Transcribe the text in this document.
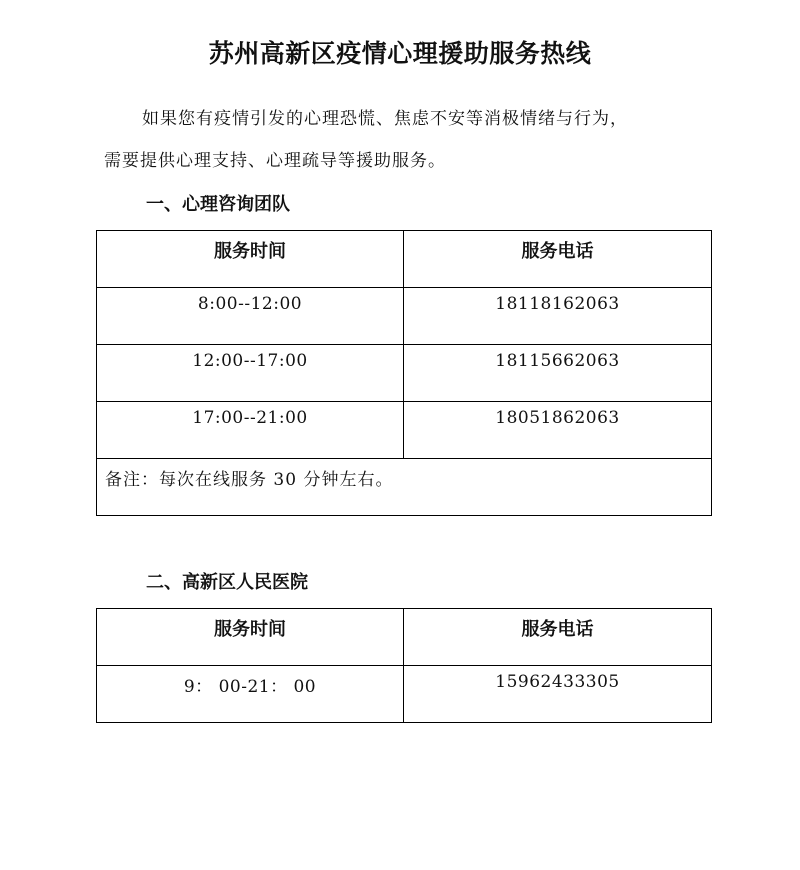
苏州高新区疫情心理援助服务热线
如果您有疫情引发的心理恐慌、焦虑不安等消极情绪与行为，
需要提供心理支持、心理疏导等援助服务。
一、心理咨询团队
服务时间	服务电话
8:00--12:00	18118162063
12:00--17:00	18115662063
17:00--21:00	18051862063
备注：每次在线服务 30 分钟左右。	
二、高新区人民医院
服务时间	服务电话
9： 00-21： 00	15962433305
